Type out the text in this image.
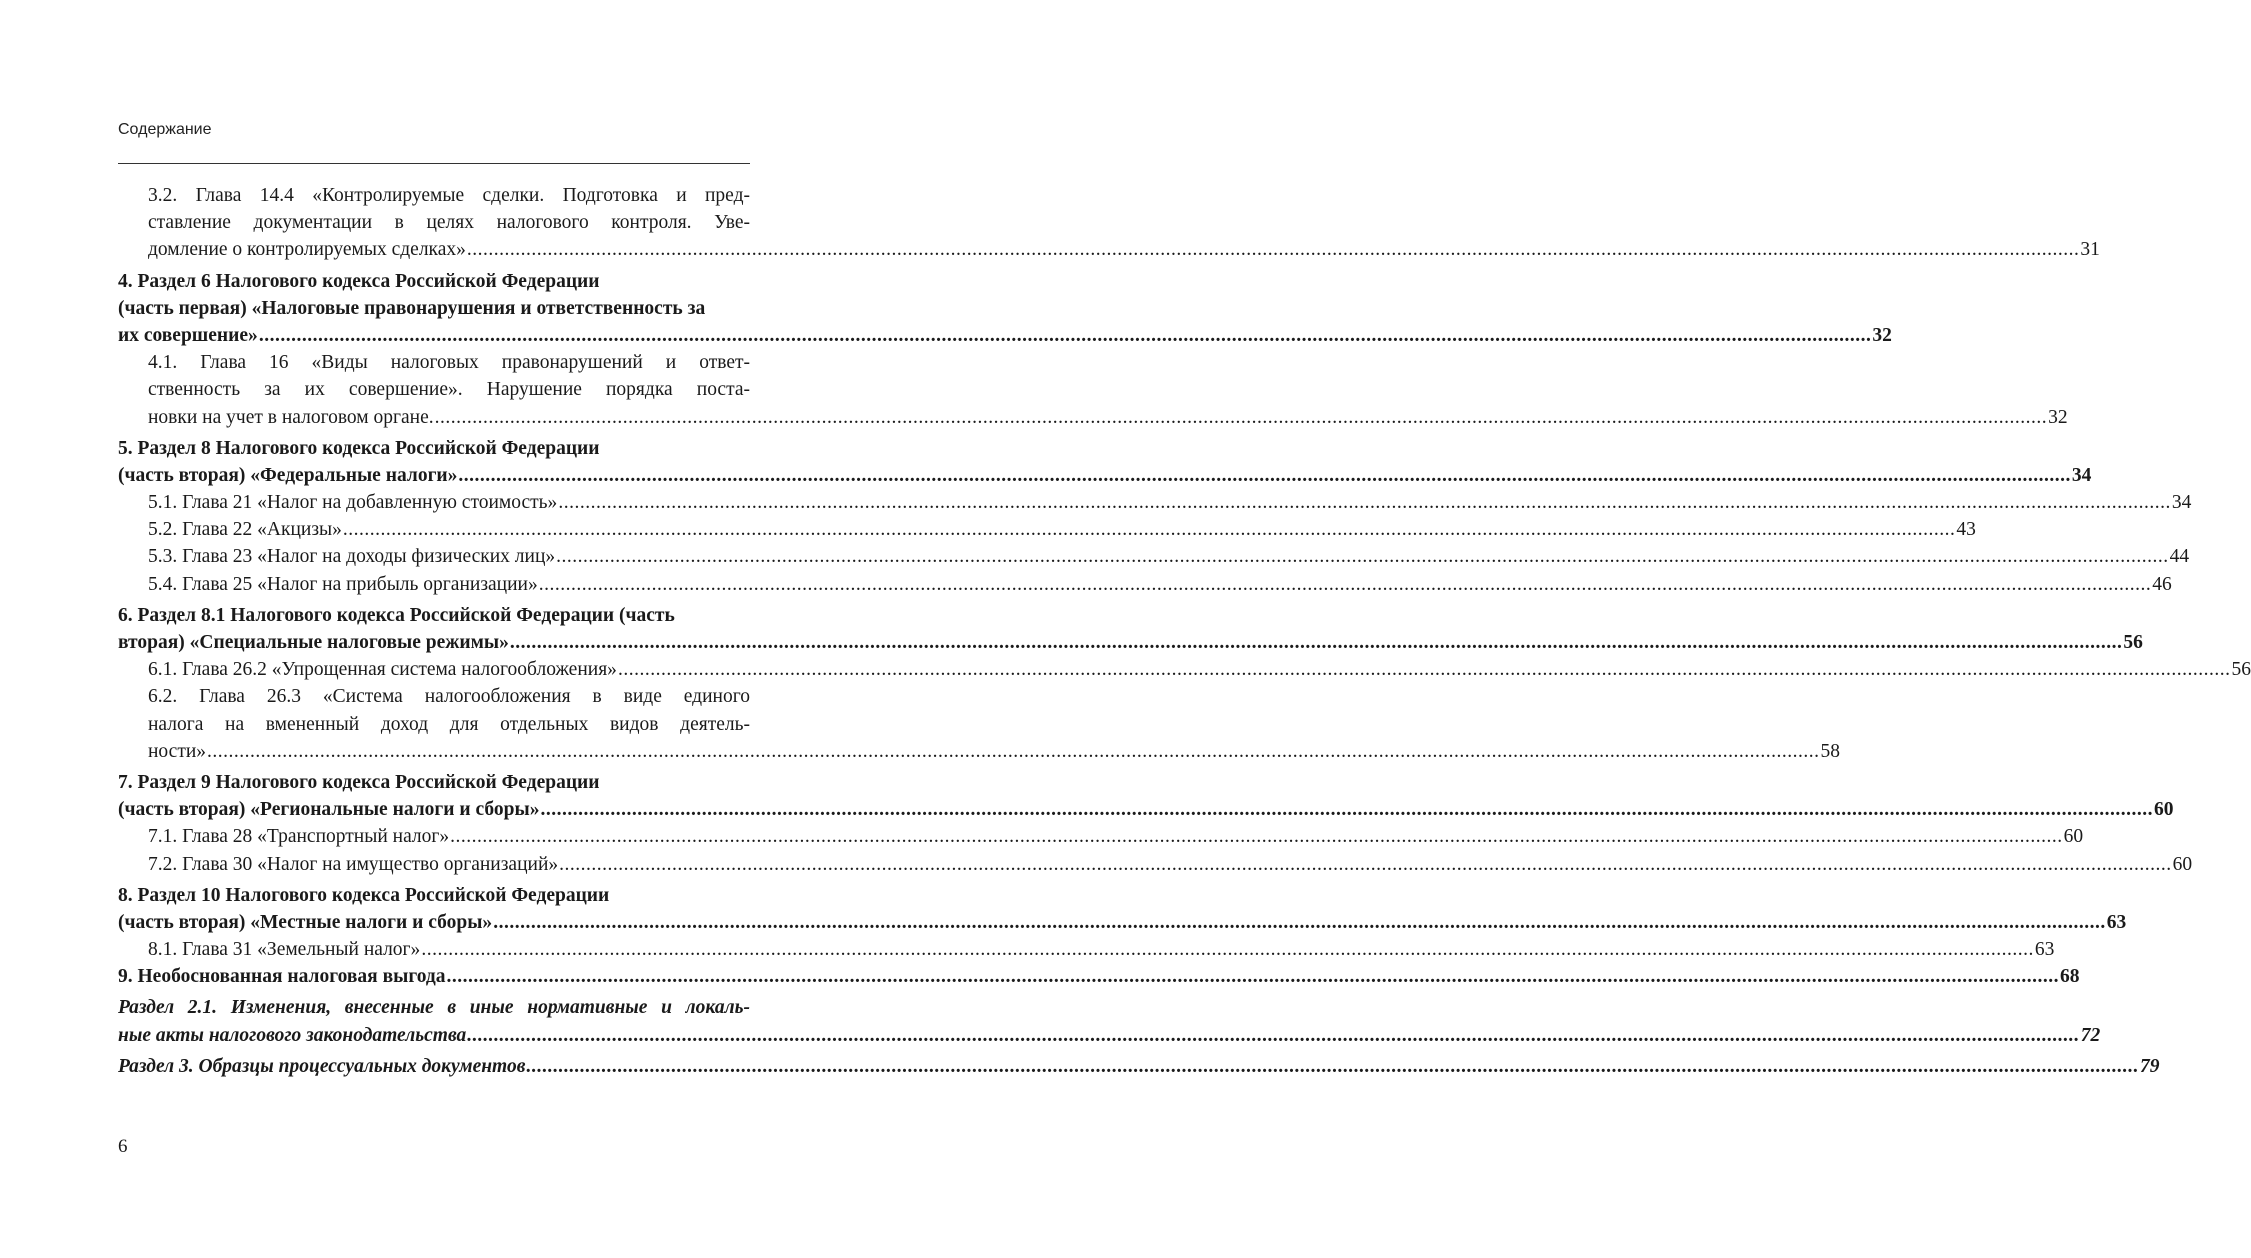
Содержание
3.2. Глава 14.4 «Контролируемые сделки. Подготовка и пред-
ставление документации в целях налогового контроля. Уве-
домление о контролируемых сделках» ............................................................................................................................................................................................................................................................................................................ 31
4. Раздел 6 Налогового кодекса Российской Федерации
(часть первая) «Налоговые правонарушения и ответственность за
их совершение» ............................................................................................................................................................................................................................................................................................................ 32
4.1. Глава 16 «Виды налоговых правонарушений и ответ-
ственность за их совершение». Нарушение порядка поста-
новки на учет в налоговом органе. ............................................................................................................................................................................................................................................................................................................ 32
5. Раздел 8 Налогового кодекса Российской Федерации
(часть вторая) «Федеральные налоги» ............................................................................................................................................................................................................................................................................................................ 34
5.1. Глава 21 «Налог на добавленную стоимость» ............................................................................................................................................................................................................................................................................................................ 34
5.2. Глава 22 «Акцизы» ............................................................................................................................................................................................................................................................................................................ 43
5.3. Глава 23 «Налог на доходы физических лиц» ............................................................................................................................................................................................................................................................................................................ 44
5.4. Глава 25 «Налог на прибыль организации» ............................................................................................................................................................................................................................................................................................................ 46
6. Раздел 8.1 Налогового кодекса Российской Федерации (часть
вторая) «Специальные налоговые режимы» ............................................................................................................................................................................................................................................................................................................ 56
6.1. Глава 26.2 «Упрощенная система налогообложения» ............................................................................................................................................................................................................................................................................................................ 56
6.2. Глава 26.3 «Система налогообложения в виде единого
налога на вмененный доход для отдельных видов деятель-
ности» ............................................................................................................................................................................................................................................................................................................ 58
7. Раздел 9 Налогового кодекса Российской Федерации
(часть вторая) «Региональные налоги и сборы» ............................................................................................................................................................................................................................................................................................................ 60
7.1. Глава 28 «Транспортный налог» ............................................................................................................................................................................................................................................................................................................ 60
7.2. Глава 30 «Налог на имущество организаций» ............................................................................................................................................................................................................................................................................................................ 60
8. Раздел 10 Налогового кодекса Российской Федерации
(часть вторая) «Местные налоги и сборы» ............................................................................................................................................................................................................................................................................................................ 63
8.1. Глава 31 «Земельный налог» ............................................................................................................................................................................................................................................................................................................ 63
9. Необоснованная налоговая выгода ............................................................................................................................................................................................................................................................................................................ 68
Раздел 2.1. Изменения, внесенные в иные нормативные и локаль-
ные акты налогового законодательства ............................................................................................................................................................................................................................................................................................................ 72
Раздел 3. Образцы процессуальных документов ............................................................................................................................................................................................................................................................................................................ 79
6
